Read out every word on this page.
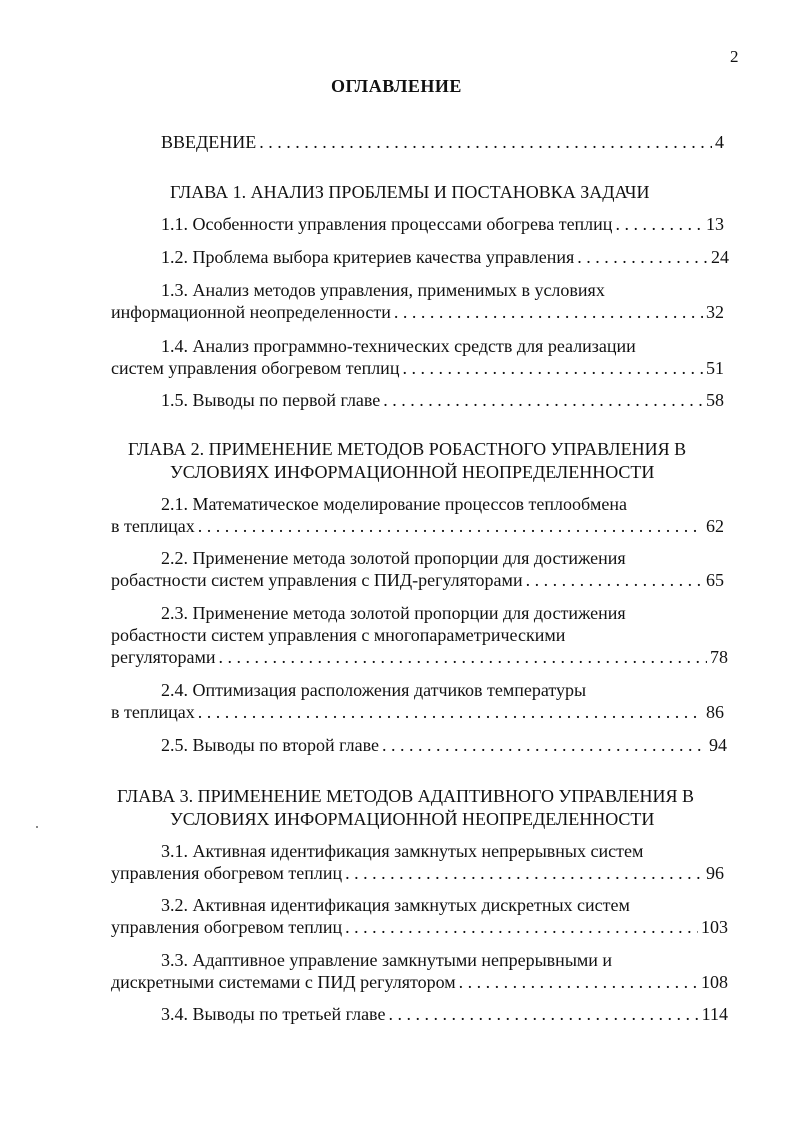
2
ОГЛАВЛЕНИЕ
ВВЕДЕНИЕ . . .	4
ГЛАВА 1. АНАЛИЗ ПРОБЛЕМЫ И ПОСТАНОВКА ЗАДАЧИ
1.1. Особенности управления процессами обогрева теплиц . . .	13
1.2. Проблема выбора критериев качества управления . . .	24
1.3. Анализ методов управления, применимых в условиях
информационной неопределенности . . .	32
1.4. Анализ программно-технических средств для реализации
систем управления обогревом теплиц . . .	51
1.5. Выводы по первой главе . . .	58
ГЛАВА 2. ПРИМЕНЕНИЕ МЕТОДОВ РОБАСТНОГО УПРАВЛЕНИЯ В
УСЛОВИЯХ ИНФОРМАЦИОННОЙ НЕОПРЕДЕЛЕННОСТИ
2.1. Математическое моделирование процессов теплообмена
в теплицах . . .	62
2.2. Применение метода золотой пропорции для достижения
робастности систем управления с ПИД-регуляторами . . .	65
2.3. Применение метода золотой пропорции для достижения
робастности систем управления с многопараметрическими
регуляторами . . .	78
2.4. Оптимизация расположения датчиков температуры
в теплицах . . .	86
2.5. Выводы по второй главе . . .	94
ГЛАВА 3. ПРИМЕНЕНИЕ МЕТОДОВ АДАПТИВНОГО УПРАВЛЕНИЯ В
УСЛОВИЯХ ИНФОРМАЦИОННОЙ НЕОПРЕДЕЛЕННОСТИ
3.1. Активная идентификация замкнутых непрерывных систем
управления обогревом теплиц . . .	96
3.2. Активная идентификация замкнутых дискретных систем
управления обогревом теплиц . . .	103
3.3. Адаптивное управление замкнутыми непрерывными и
дискретными системами с ПИД регулятором . . .	108
3.4. Выводы по третьей главе . . .	114
